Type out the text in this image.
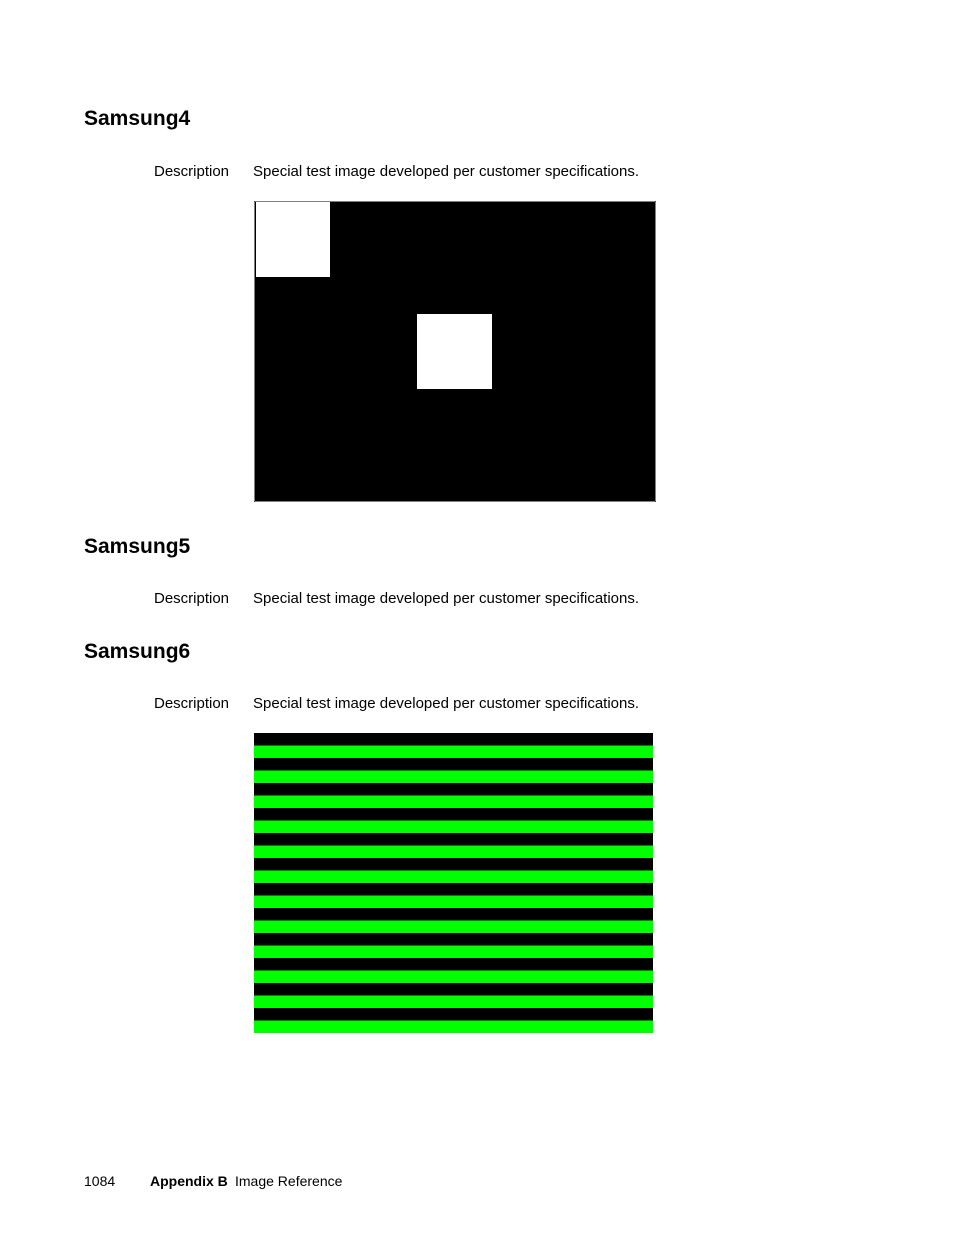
Samsung4
Description Special test image developed per customer specifications.
Samsung5
Description Special test image developed per customer specifications.
Samsung6
Description Special test image developed per customer specifications.
1084 Appendix B Image Reference
